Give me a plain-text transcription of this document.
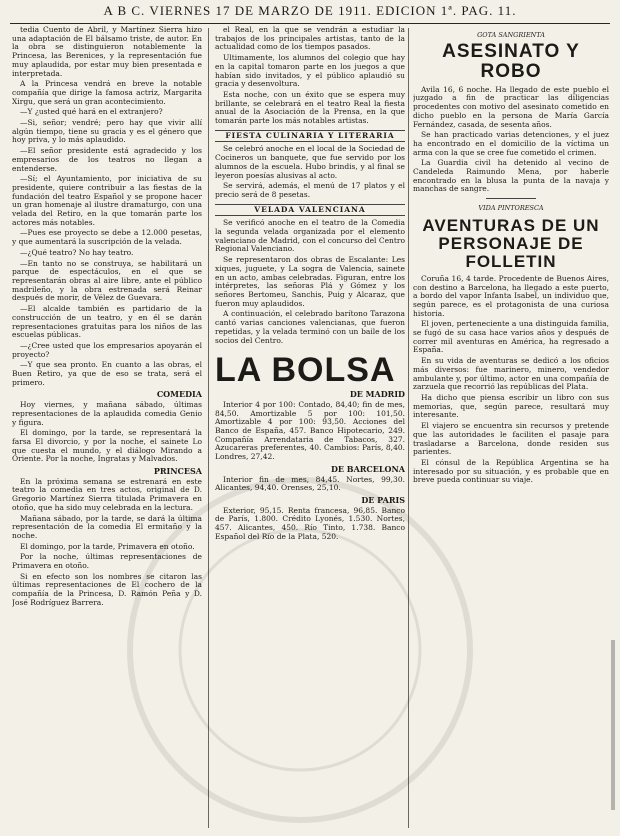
A B C. VIERNES 17 DE MARZO DE 1911. EDICION 1ª. PAG. 11.

tedia Cuento de Abril, y Martínez Sierra hizo una adaptación de El bálsamo triste, de autor. En la obra se distinguieron notablemente la Princesa, las Berenices, y la representación fue muy aplaudida, por estar muy bien presentada e interpretada.

A la Princesa vendrá en breve la notable compañía que dirige la famosa actriz, Margarita Xirgu, que será un gran acontecimiento.

—Y ¿usted qué hará en el extranjero?

—Si, señor; vendré; pero hay que vivir allí algún tiempo, tiene su gracia y es el género que hoy priva, y lo más aplaudido.

—El señor presidente está agradecido y los empresarios de los teatros no llegan a entenderse.

—Sí; el Ayuntamiento, por iniciativa de su presidente, quiere contribuir a las fiestas de la fundación del teatro Español y se propone hacer un gran homenaje al ilustre dramaturgo, con una velada del Retiro, en la que tomarán parte los actores más notables.

—Pues ese proyecto se debe a 12.000 pesetas, y que aumentará la suscripción de la velada.

—¿Qué teatro? No hay teatro.

—En tanto no se construya, se habilitará un parque de espectáculos, en el que se representarán obras al aire libre, ante el público madrileño, y la obra estrenada será Reinar después de morir, de Vélez de Guevara.

—El alcalde también es partidario de la construcción de un teatro, y en él se darán representaciones gratuitas para los niños de las escuelas públicas.

—¿Cree usted que los empresarios apoyarán el proyecto?

—Y que sea pronto. En cuanto a las obras, el Buen Retiro, ya que de eso se trata, será el primero.

COMEDIA

Hoy viernes, y mañana sábado, últimas representaciones de la aplaudida comedia Genio y figura.

El domingo, por la tarde, se representará la farsa El divorcio, y por la noche, el sainete Lo que cuesta el mundo, y el diálogo Mirando a Oriente. Por la noche, Ingratas y Malvados.

PRINCESA

En la próxima semana se estrenará en este teatro la comedia en tres actos, original de D. Gregorio Martínez Sierra titulada Primavera en otoño, que ha sido muy celebrada en la lectura.

Mañana sábado, por la tarde, se dará la última representación de la comedia El ermitaño y la noche.

El domingo, por la tarde, Primavera en otoño.

Por la noche, últimas representaciones de Primavera en otoño.

Si en efecto son los nombres se citaron las últimas representaciones de El cochero de la compañía de la Princesa, D. Ramón Peña y D. José Rodríguez Barrera.

el Real, en la que se vendrán a estudiar la trabajos de los principales artistas, tanto de la actualidad como de los tiempos pasados.

Ultimamente, los alumnos del colegio que hay en la capital tomaron parte en los juegos a que habían sido invitados, y el público aplaudió su gracia y desenvoltura.

Esta noche, con un éxito que se espera muy brillante, se celebrará en el teatro Real la fiesta anual de la Asociación de la Prensa, en la que tomarán parte los más notables artistas.

FIESTA CULINARIA Y LITERARIA

Se celebró anoche en el local de la Sociedad de Cocineros un banquete, que fue servido por los alumnos de la escuela. Hubo brindis, y al final se leyeron poesías alusivas al acto.

Se servirá, además, el menú de 17 platos y el precio será de 8 pesetas.

VELADA VALENCIANA

Se verificó anoche en el teatro de la Comedia la segunda velada organizada por el elemento valenciano de Madrid, con el concurso del Centro Regional Valenciano.

Se representaron dos obras de Escalante: Les xiques, juguete, y La sogra de Valencia, sainete en un acto, ambas celebradas. Figuran, entre los intérpretes, las señoras Plá y Gómez y los señores Bertomeu, Sanchis, Puig y Alcaraz, que fueron muy aplaudidos.

A continuación, el celebrado barítono Tarazona cantó varias canciones valencianas, que fueron repetidas, y la velada terminó con un baile de los socios del Centro.

LA BOLSA
DE MADRID

Interior 4 por 100: Contado, 84,40; fin de mes, 84,50. Amortizable 5 por 100: 101,50. Amortizable 4 por 100: 93,50. Acciones del Banco de España, 457. Banco Hipotecario, 249. Compañía Arrendataria de Tabacos, 327. Azucareras preferentes, 40. Cambios: París, 8,40. Londres, 27,42.

DE BARCELONA

Interior fin de mes, 84,45. Nortes, 99,30. Alicantes, 94,40. Orenses, 25,10.

DE PARIS

Exterior, 95,15. Renta francesa, 96,85. Banco de París, 1.800. Crédito Lyonés, 1.530. Nortes, 457. Alicantes, 450. Río Tinto, 1.738. Banco Español del Río de la Plata, 520.

GOTA SANGRIENTA
ASESINATO Y ROBO

Avila 16, 6 noche. Ha llegado de este pueblo el juzgado a fin de practicar las diligencias procedentes con motivo del asesinato cometido en dicho pueblo en la persona de María García Fernández, casada, de sesenta años.

Se han practicado varias detenciones, y el juez ha encontrado en el domicilio de la víctima un arma con la que se cree fue cometido el crimen.

La Guardia civil ha detenido al vecino de Candeleda Raimundo Mena, por haberle encontrado en la blusa la punta de la navaja y manchas de sangre.

VIDA PINTORESCA
AVENTURAS DE UN PERSONAJE DE FOLLETIN

Coruña 16, 4 tarde. Procedente de Buenos Aires, con destino a Barcelona, ha llegado a este puerto, a bordo del vapor Infanta Isabel, un individuo que, según parece, es el protagonista de una curiosa historia.

El joven, perteneciente a una distinguida familia, se fugó de su casa hace varios años y después de correr mil aventuras en América, ha regresado a España.

En su vida de aventuras se dedicó a los oficios más diversos: fue marinero, minero, vendedor ambulante y, por último, actor en una compañía de zarzuela que recorrió las repúblicas del Plata.

Ha dicho que piensa escribir un libro con sus memorias, que, según parece, resultará muy interesante.

El viajero se encuentra sin recursos y pretende que las autoridades le faciliten el pasaje para trasladarse a Barcelona, donde residen sus parientes.

El cónsul de la República Argentina se ha interesado por su situación, y es probable que en breve pueda continuar su viaje.
